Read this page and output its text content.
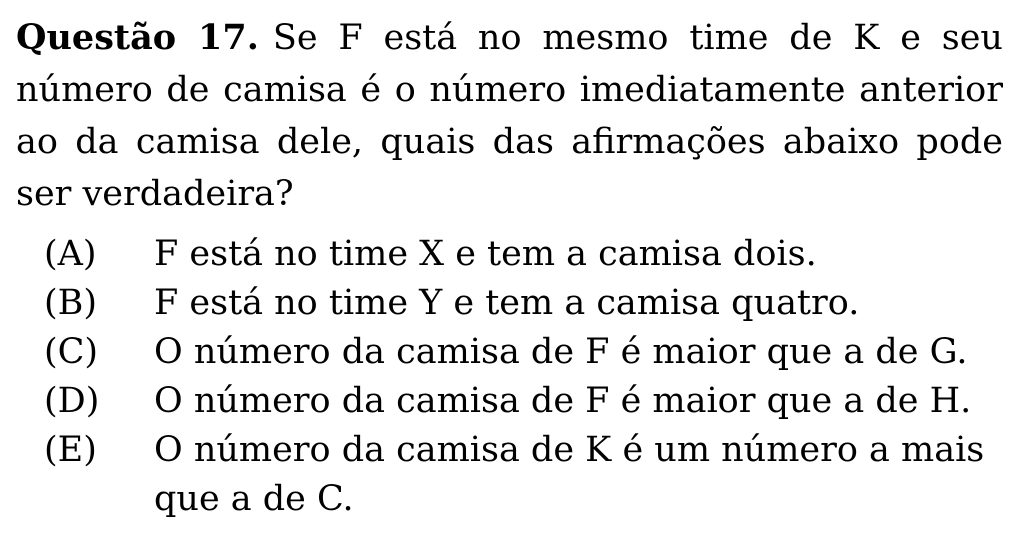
Questão 17. Se F está no mesmo time de K e seu número de camisa é o número imediatamente anterior ao da camisa dele, quais das afirmações abaixo pode ser verdadeira?

(A)	F está no time X e tem a camisa dois.
(B)	F está no time Y e tem a camisa quatro.
(C)	O número da camisa de F é maior que a de G.
(D)	O número da camisa de F é maior que a de H.
(E)	O número da camisa de K é um número a mais que a de C.
